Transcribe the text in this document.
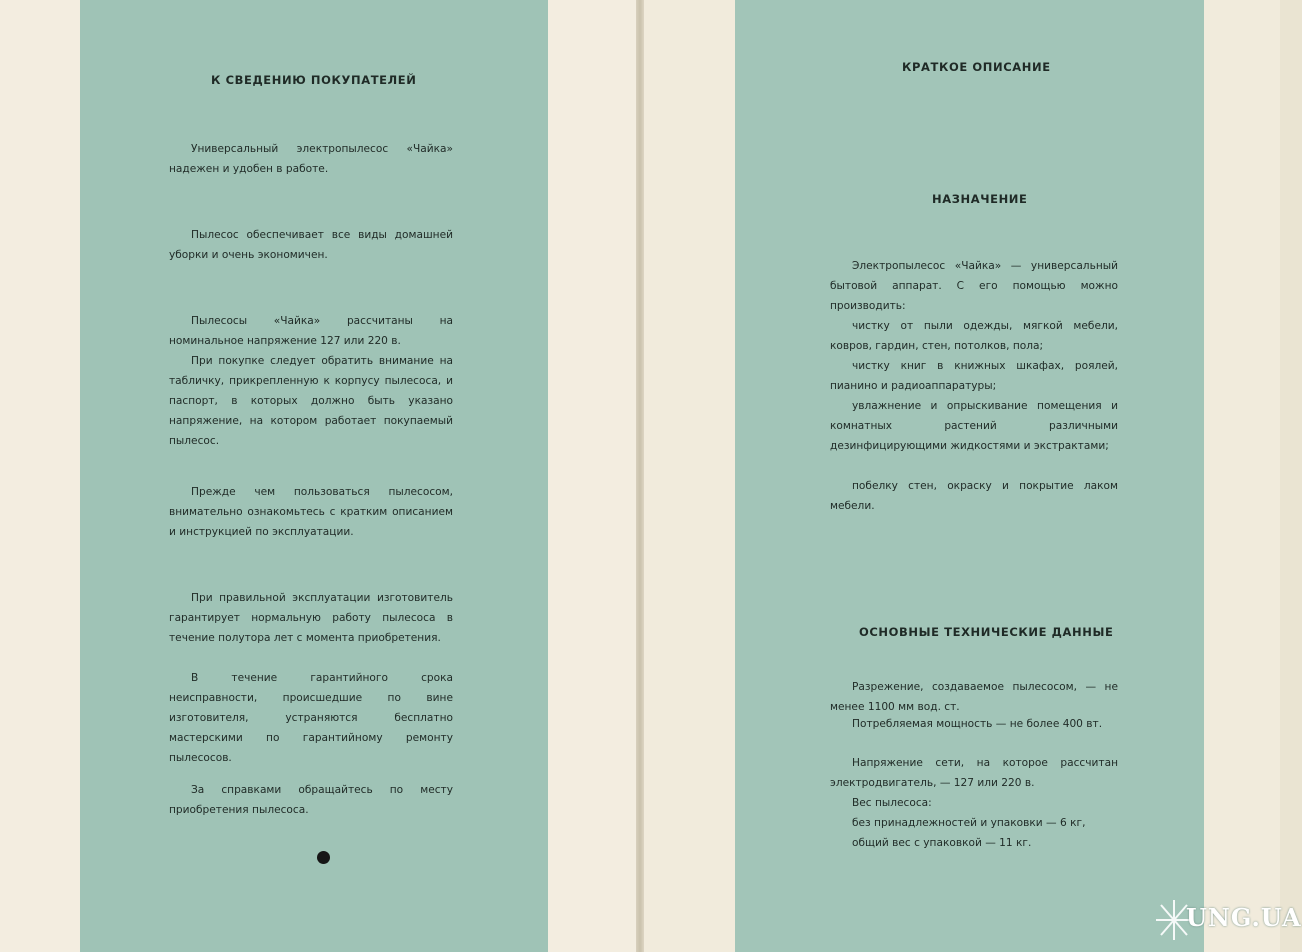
К СВЕДЕНИЮ ПОКУПАТЕЛЕЙ

Универсальный электропылесос «Чайка» надежен и удобен в работе.

Пылесос обеспечивает все виды домашней уборки и очень экономичен.

Пылесосы «Чайка» рассчитаны на номинальное напряжение 127 или 220 в.

При покупке следует обратить внимание на табличку, прикрепленную к корпусу пылесоса, и паспорт, в которых должно быть указано напряжение, на котором работает покупаемый пылесос.

Прежде чем пользоваться пылесосом, внимательно ознакомьтесь с кратким описанием и инструкцией по эксплуатации.

При правильной эксплуатации изготовитель гарантирует нормальную работу пылесоса в течение полутора лет с момента приобретения.

В течение гарантийного срока неисправности, происшедшие по вине изготовителя, устраняются бесплатно мастерскими по гарантийному ремонту пылесосов.

За справками обращайтесь по месту приобретения пылесоса.

КРАТКОЕ ОПИСАНИЕ
НАЗНАЧЕНИЕ

Электропылесос «Чайка» — универсальный бытовой аппарат. С его помощью можно производить:

чистку от пыли одежды, мягкой мебели, ковров, гардин, стен, потолков, пола;

чистку книг в книжных шкафах, роялей, пианино и радиоаппаратуры;

увлажнение и опрыскивание помещения и комнатных растений различными дезинфицирующими жидкостями и экстрактами;

побелку стен, окраску и покрытие лаком мебели.

ОСНОВНЫЕ ТЕХНИЧЕСКИЕ ДАННЫЕ

Разрежение, создаваемое пылесосом, — не менее 1100 мм вод. ст.

Потребляемая мощность — не более 400 вт.

Напряжение сети, на которое рассчитан электродвигатель, — 127 или 220 в.

Вес пылесоса:

без принадлежностей и упаковки — 6 кг,

общий вес с упаковкой — 11 кг.

UNG.UA
